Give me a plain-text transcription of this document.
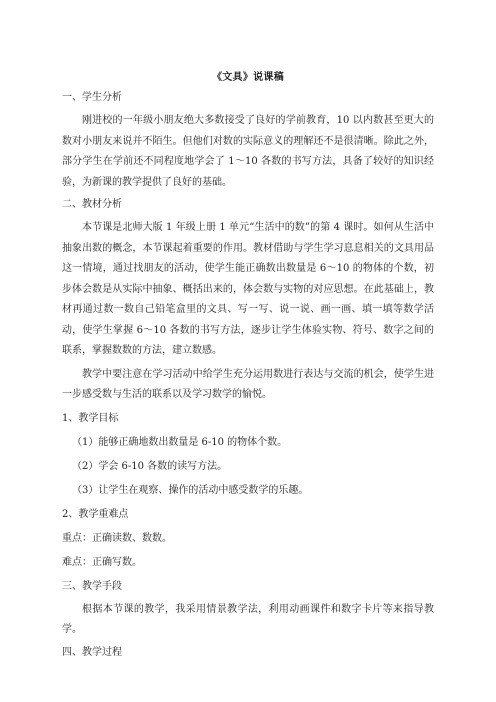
《文具》说课稿
一、学生分析
刚进校的一年级小朋友绝大多数接受了良好的学前教育，10 以内数甚至更大的数对小朋友来说并不陌生。但他们对数的实际意义的理解还不是很清晰。除此之外，部分学生在学前还不同程度地学会了 1～10 各数的书写方法，具备了较好的知识经验，为新课的教学提供了良好的基础。
二、教材分析
本节课是北师大版 1 年级上册 1 单元“生活中的数”的第 4 课时。如何从生活中抽象出数的概念，本节课起着重要的作用。教材借助与学生学习息息相关的文具用品这一情境，通过找朋友的活动，使学生能正确数出数量是 6～10 的物体的个数，初步体会数是从实际中抽象、概括出来的，体会数与实物的对应思想。在此基础上，教材再通过数一数自己铅笔盒里的文具、写一写、说一说、画一画、填一填等数学活动，使学生掌握 6～10 各数的书写方法，逐步让学生体验实物、符号、数字之间的联系，掌握数数的方法，建立数感。
教学中要注意在学习活动中给学生充分运用数进行表达与交流的机会，使学生进一步感受数与生活的联系以及学习数学的愉悦。
1、教学目标
（1）能够正确地数出数量是 6-10 的物体个数。
（2）学会 6-10 各数的读写方法。
（3）让学生在观察、操作的活动中感受数学的乐趣。
2、教学重难点
重点：正确读数、数数。
难点：正确写数。
三、教学手段
根据本节课的教学，我采用情景教学法，利用动画课件和数字卡片等来指导教学。
四、教学过程
